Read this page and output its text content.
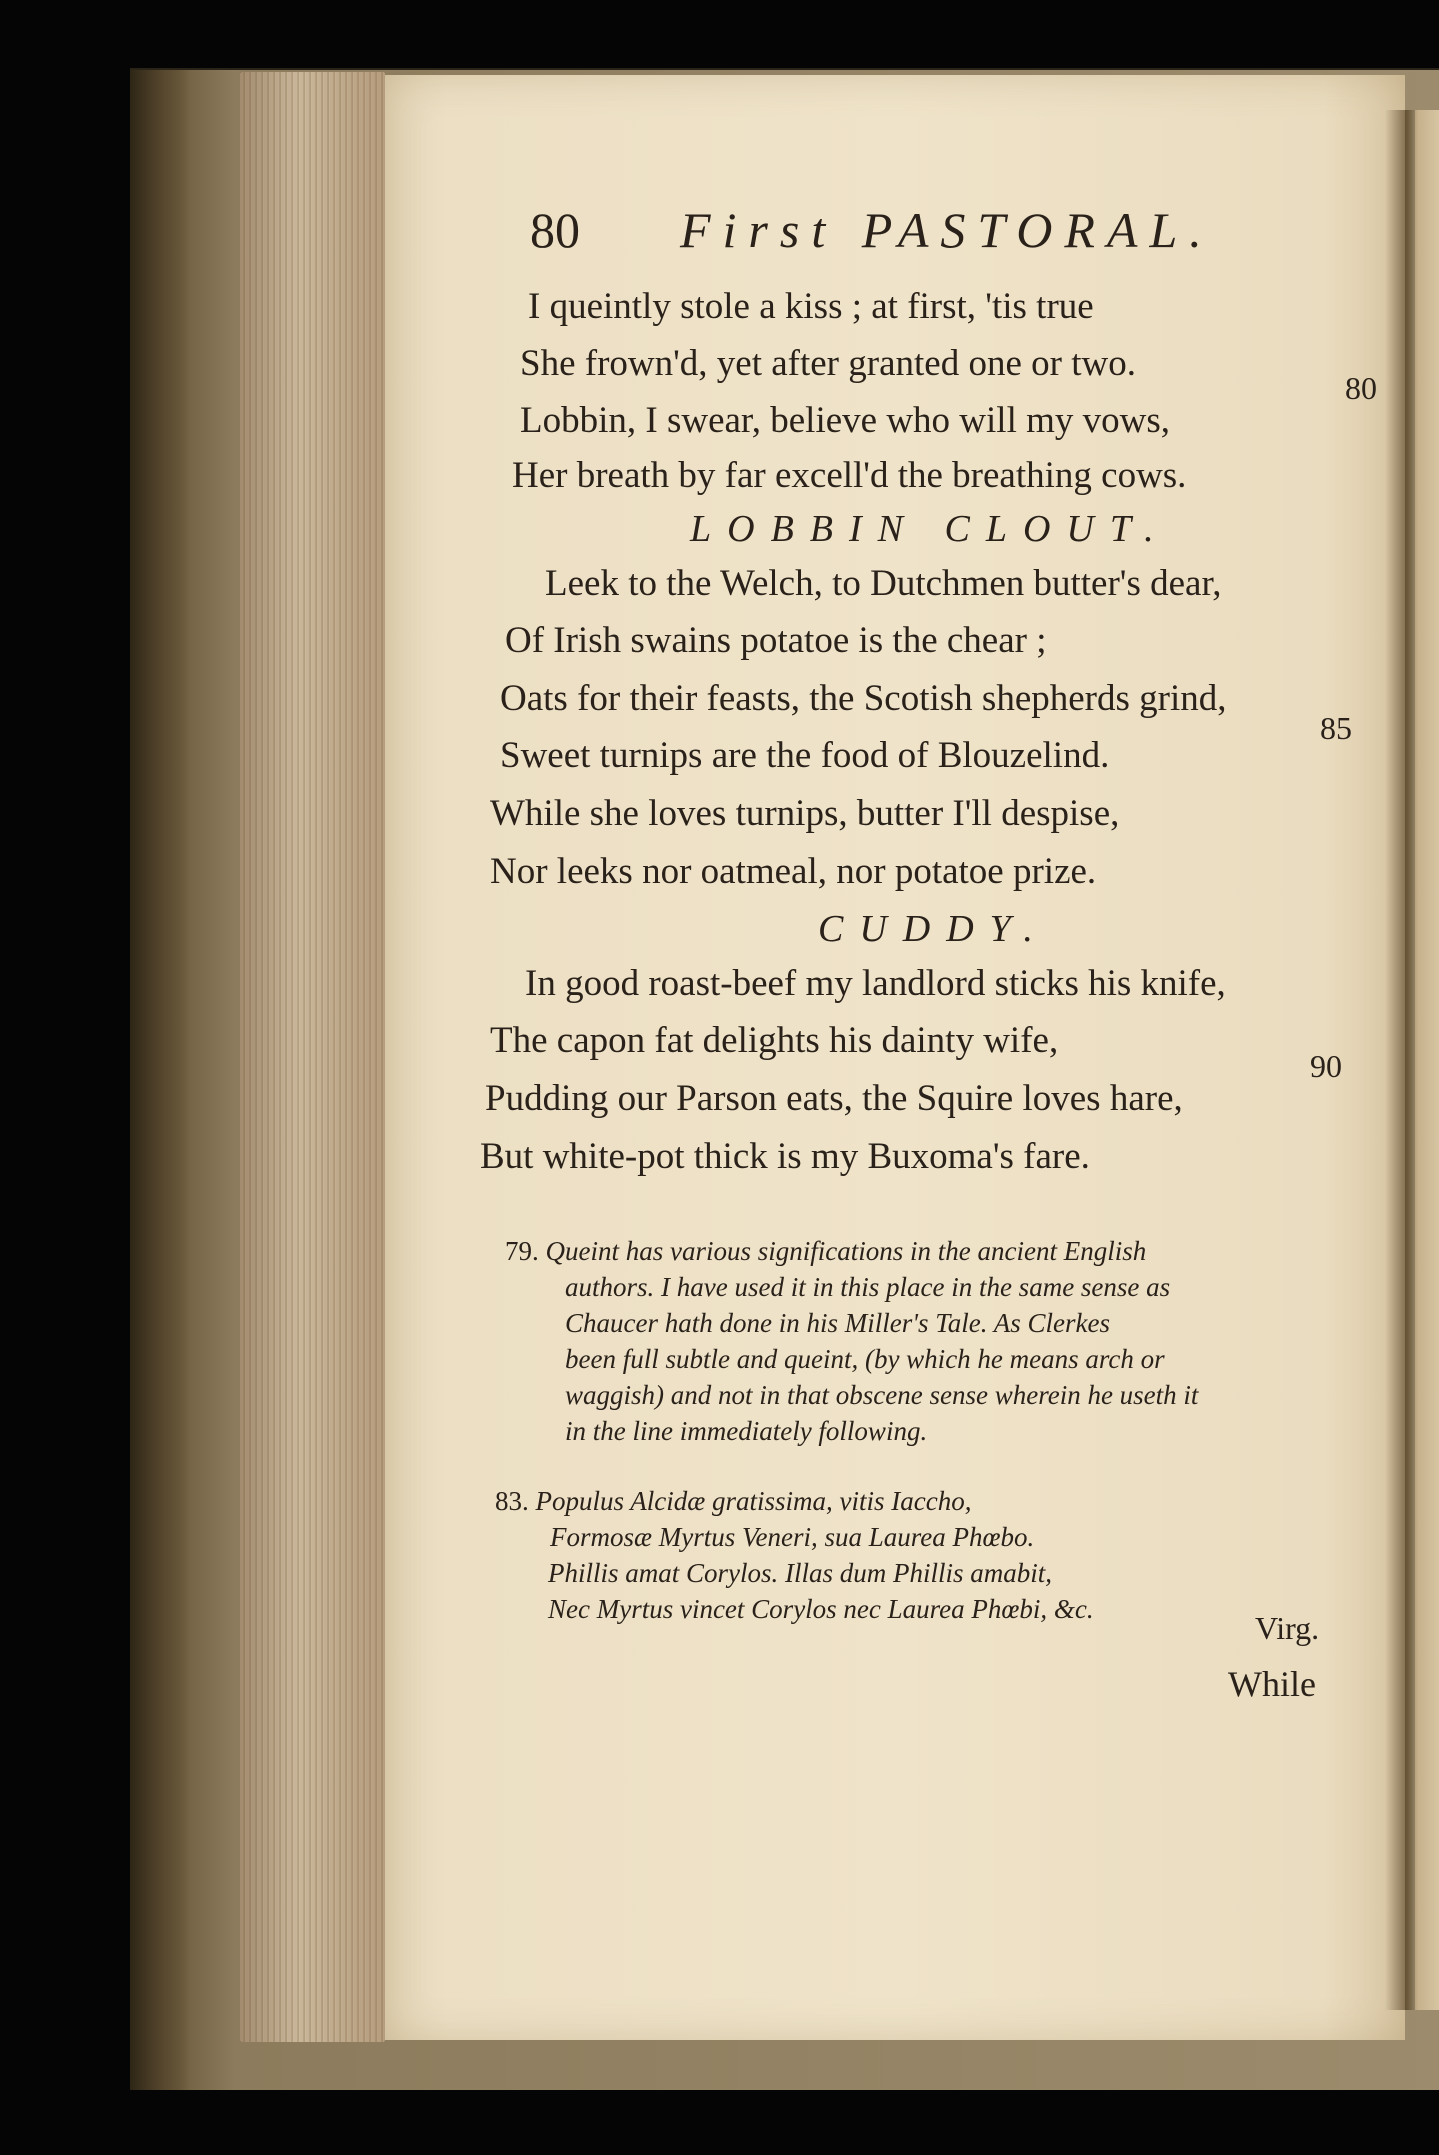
80 First PASTORAL.
I queintly stole a kiss ; at first, 'tis true
She frown'd, yet after granted one or two.
Lobbin, I swear, believe who will my vows,
Her breath by far excell'd the breathing cows.
LOBBIN CLOUT.
Leek to the Welch, to Dutchmen butter's dear,
Of Irish swains potatoe is the chear ;
Oats for their feasts, the Scotish shepherds grind,
Sweet turnips are the food of Blouzelind.
While she loves turnips, butter I'll despise,
Nor leeks nor oatmeal, nor potatoe prize.
CUDDY.
In good roast-beef my landlord sticks his knife,
The capon fat delights his dainty wife,
Pudding our Parson eats, the Squire loves hare,
But white-pot thick is my Buxoma's fare.
80
85
90
79. Queint has various significations in the ancient English
authors. I have used it in this place in the same sense as
Chaucer hath done in his Miller's Tale. As Clerkes
been full subtle and queint, (by which he means arch or
waggish) and not in that obscene sense wherein he useth it
in the line immediately following.
83. Populus Alcidæ gratissima, vitis Iaccho,
Formosæ Myrtus Veneri, sua Laurea Phœbo.
Phillis amat Corylos. Illas dum Phillis amabit,
Nec Myrtus vincet Corylos nec Laurea Phœbi, &c.
Virg.
While
